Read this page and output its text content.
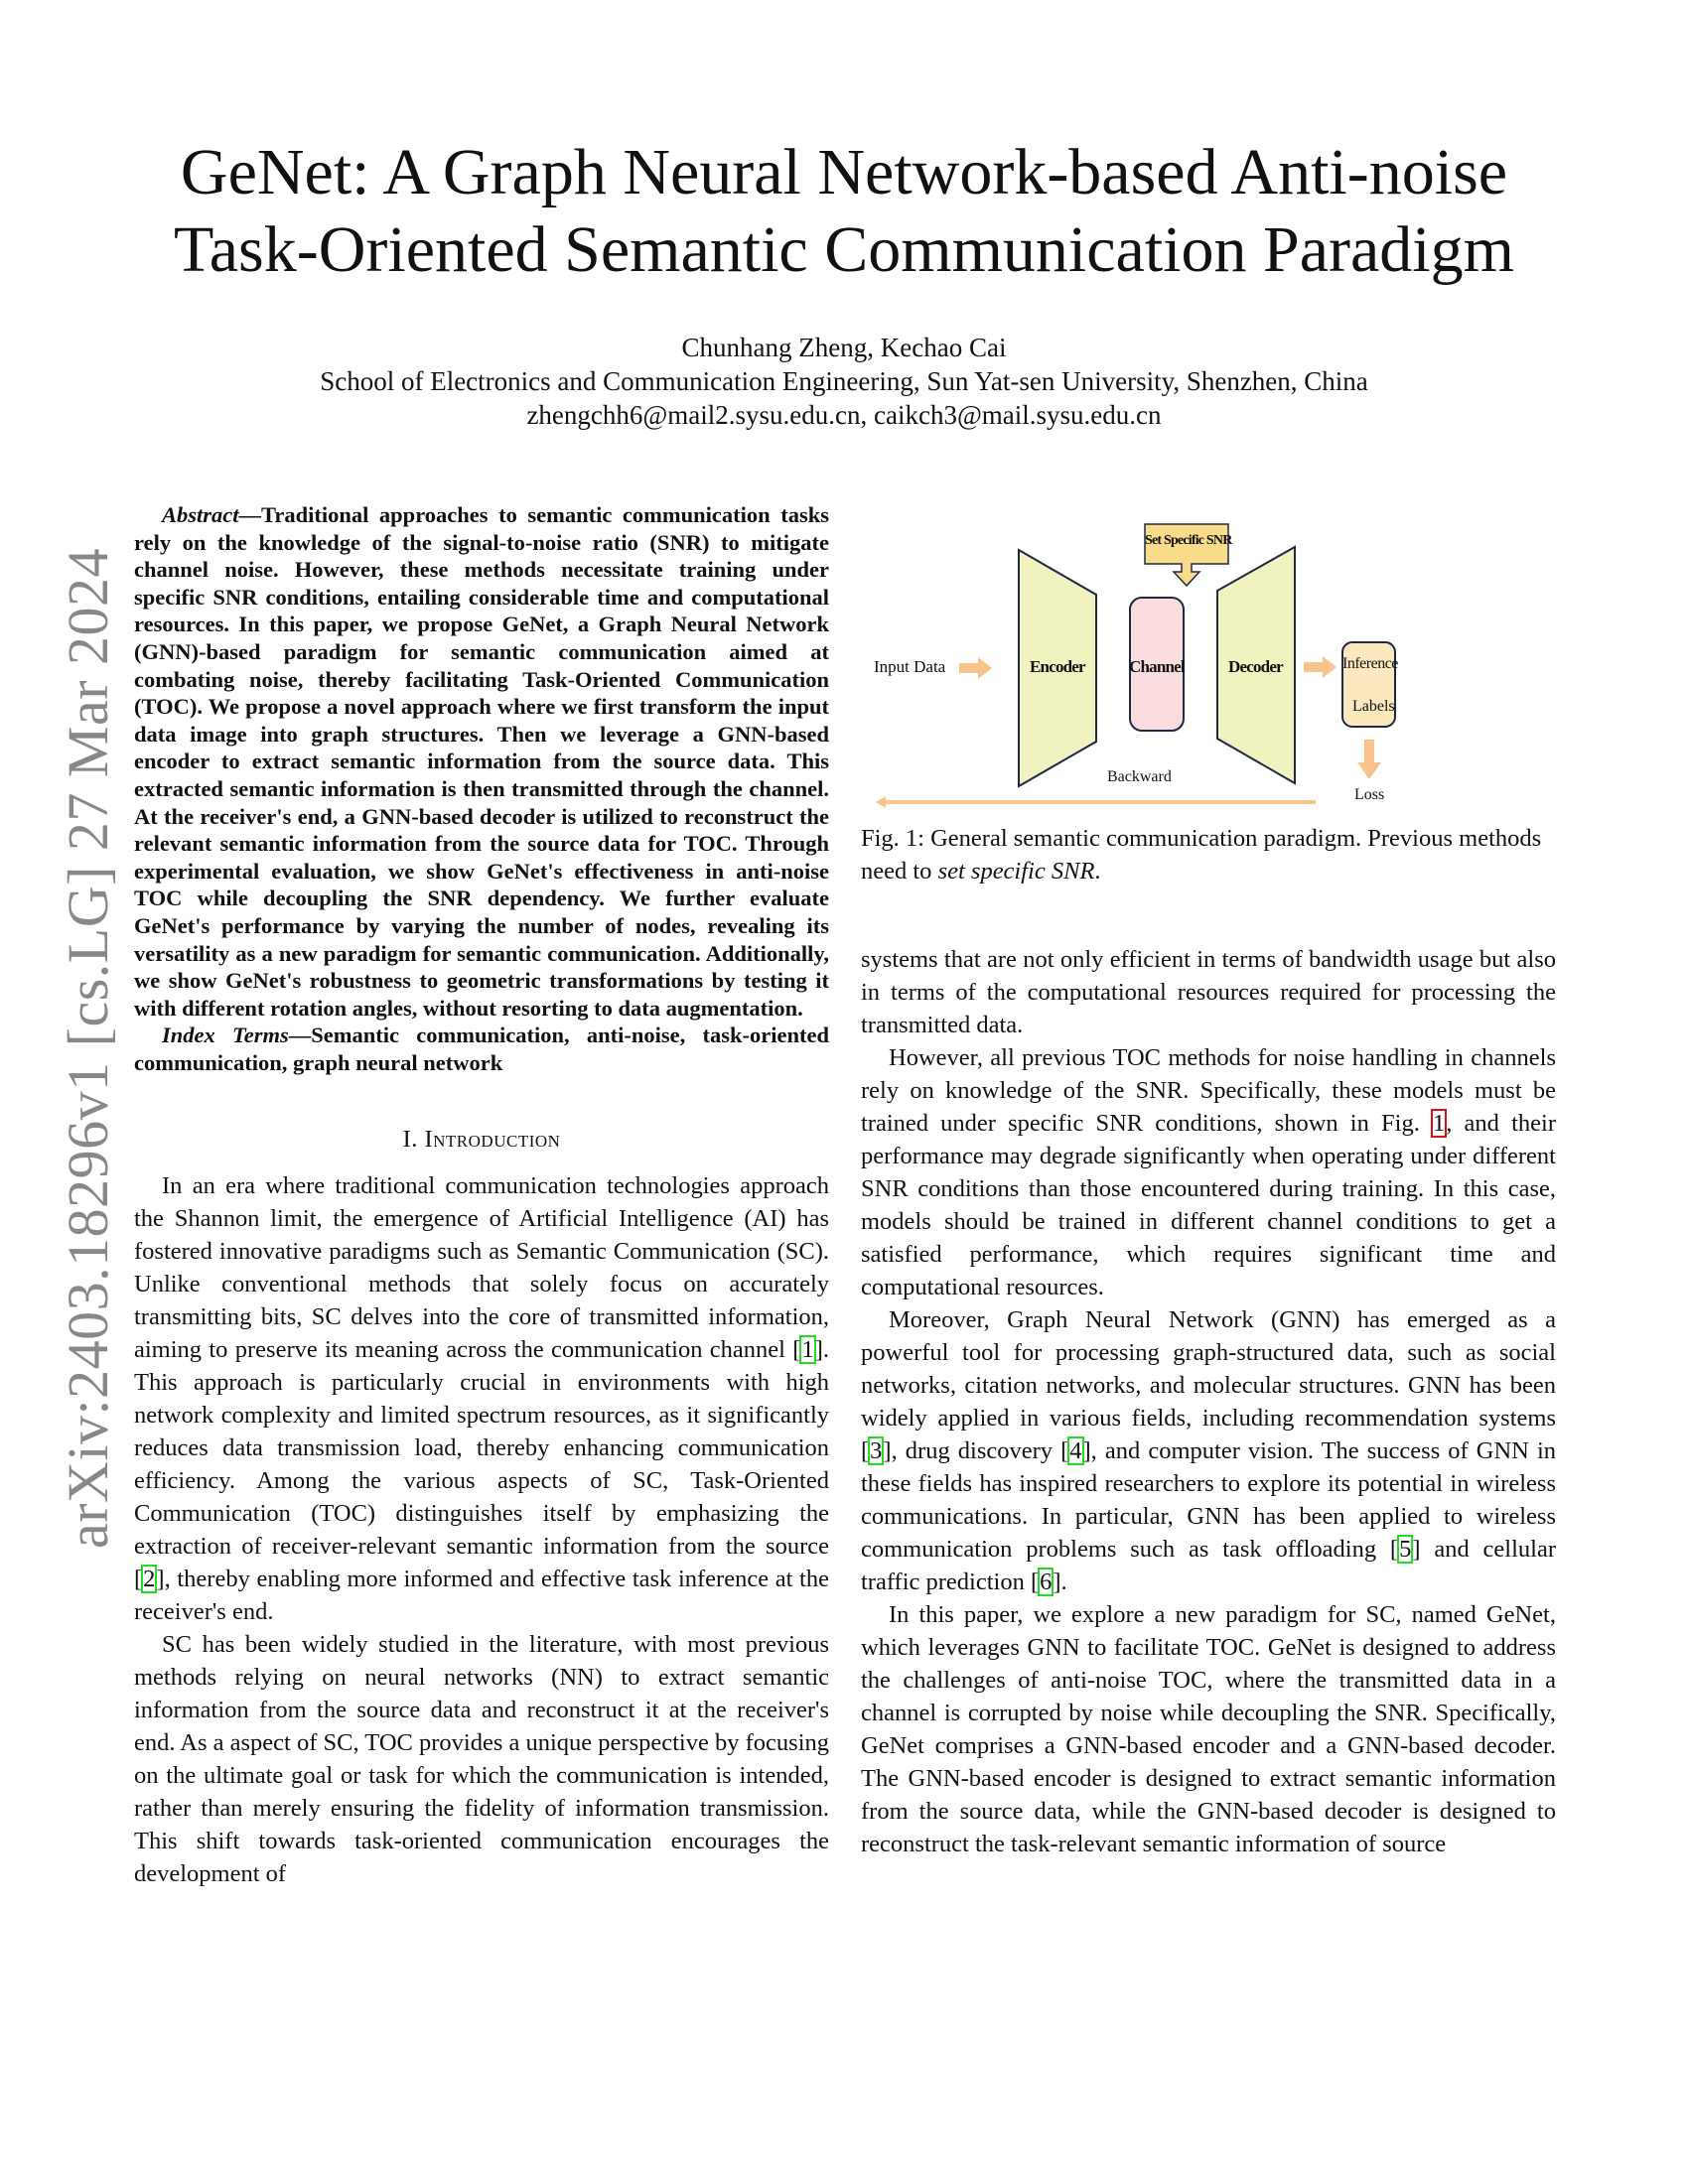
GeNet: A Graph Neural Network-based Anti-noise
Task-Oriented Semantic Communication Paradigm
Chunhang Zheng, Kechao Cai
School of Electronics and Communication Engineering, Sun Yat-sen University, Shenzhen, China
zhengchh6@mail2.sysu.edu.cn, caikch3@mail.sysu.edu.cn
arXiv:2403.18296v1 [cs.LG] 27 Mar 2024

Abstract—Traditional approaches to semantic communication tasks rely on the knowledge of the signal-to-noise ratio (SNR) to mitigate channel noise. However, these methods necessitate training under specific SNR conditions, entailing considerable time and computational resources. In this paper, we propose GeNet, a Graph Neural Network (GNN)-based paradigm for semantic communication aimed at combating noise, thereby facilitating Task-Oriented Communication (TOC). We propose a novel approach where we first transform the input data image into graph structures. Then we leverage a GNN-based encoder to extract semantic information from the source data. This extracted semantic information is then transmitted through the channel. At the receiver's end, a GNN-based decoder is utilized to reconstruct the relevant semantic information from the source data for TOC. Through experimental evaluation, we show GeNet's effectiveness in anti-noise TOC while decoupling the SNR dependency. We further evaluate GeNet's performance by varying the number of nodes, revealing its versatility as a new paradigm for semantic communication. Additionally, we show GeNet's robustness to geometric transformations by testing it with different rotation angles, without resorting to data augmentation.

Index Terms—Semantic communication, anti-noise, task-oriented communication, graph neural network

I. Introduction

In an era where traditional communication technologies approach the Shannon limit, the emergence of Artificial Intelligence (AI) has fostered innovative paradigms such as Semantic Communication (SC). Unlike conventional methods that solely focus on accurately transmitting bits, SC delves into the core of transmitted information, aiming to preserve its meaning across the communication channel [1]. This approach is particularly crucial in environments with high network complexity and limited spectrum resources, as it significantly reduces data transmission load, thereby enhancing communication efficiency. Among the various aspects of SC, Task-Oriented Communication (TOC) distinguishes itself by emphasizing the extraction of receiver-relevant semantic information from the source [2], thereby enabling more informed and effective task inference at the receiver's end.

SC has been widely studied in the literature, with most previous methods relying on neural networks (NN) to extract semantic information from the source data and reconstruct it at the receiver's end. As a aspect of SC, TOC provides a unique perspective by focusing on the ultimate goal or task for which the communication is intended, rather than merely ensuring the fidelity of information transmission. This shift towards task-oriented communication encourages the development of

Input Data	Encoder	Channel	Decoder
Set Specific SNR
Inference
Labels
Backward
Loss
Fig. 1: General semantic communication paradigm. Previous methods need to set specific SNR.

systems that are not only efficient in terms of bandwidth usage but also in terms of the computational resources required for processing the transmitted data.

However, all previous TOC methods for noise handling in channels rely on knowledge of the SNR. Specifically, these models must be trained under specific SNR conditions, shown in Fig. 1, and their performance may degrade significantly when operating under different SNR conditions than those encountered during training. In this case, models should be trained in different channel conditions to get a satisfied performance, which requires significant time and computational resources.

Moreover, Graph Neural Network (GNN) has emerged as a powerful tool for processing graph-structured data, such as social networks, citation networks, and molecular structures. GNN has been widely applied in various fields, including recommendation systems [3], drug discovery [4], and computer vision. The success of GNN in these fields has inspired researchers to explore its potential in wireless communications. In particular, GNN has been applied to wireless communication problems such as task offloading [5] and cellular traffic prediction [6].

In this paper, we explore a new paradigm for SC, named GeNet, which leverages GNN to facilitate TOC. GeNet is designed to address the challenges of anti-noise TOC, where the transmitted data in a channel is corrupted by noise while decoupling the SNR. Specifically, GeNet comprises a GNN-based encoder and a GNN-based decoder. The GNN-based encoder is designed to extract semantic information from the source data, while the GNN-based decoder is designed to reconstruct the task-relevant semantic information of source
